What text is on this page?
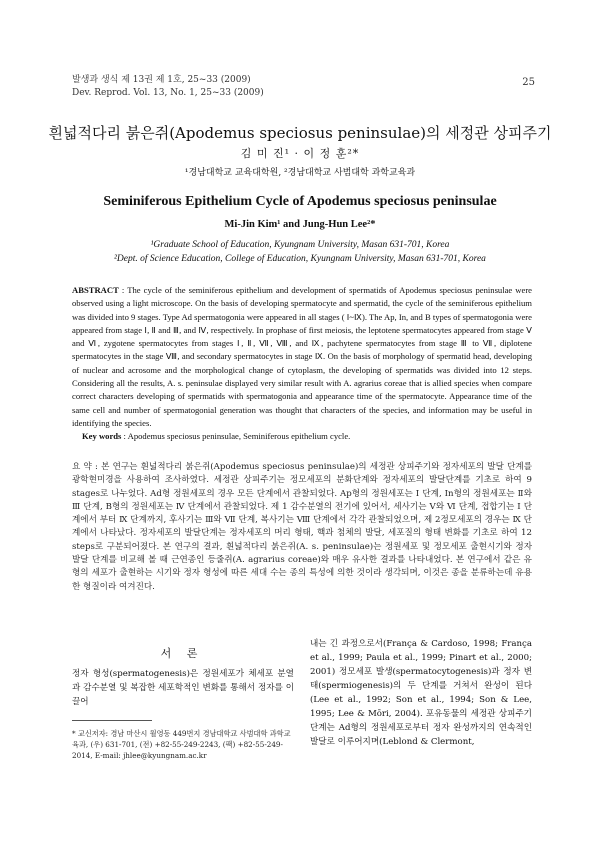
발생과 생식 제 13권 제 1호, 25~33 (2009)
Dev. Reprod. Vol. 13, No. 1, 25~33 (2009)
25
흰넓적다리 붉은쥐(Apodemus speciosus peninsulae)의 세정관 상피주기
김 미 진¹ · 이 정 훈²*
¹경남대학교 교육대학원, ²경남대학교 사범대학 과학교육과
Seminiferous Epithelium Cycle of Apodemus speciosus peninsulae
Mi-Jin Kim¹ and Jung-Hun Lee²*
¹Graduate School of Education, Kyungnam University, Masan 631-701, Korea
²Dept. of Science Education, College of Education, Kyungnam University, Masan 631-701, Korea
ABSTRACT : The cycle of the seminiferous epithelium and development of spermatids of Apodemus speciosus peninsulae were observed using a light microscope. On the basis of developing spermatocyte and spermatid, the cycle of the seminiferous epithelium was divided into 9 stages. Type Ad spermatogonia were appeared in all stages ( Ⅰ~Ⅸ). The Ap, In, and B types of spermatogonia were appeared from stage Ⅰ, Ⅱ and Ⅲ, and Ⅳ, respectively. In prophase of first meiosis, the leptotene spermatocytes appeared from stage Ⅴ and Ⅵ, zygotene spermatocytes from stages Ⅰ, Ⅱ, Ⅶ, Ⅷ, and Ⅸ, pachytene spermatocytes from stage Ⅲ to Ⅶ, diplotene spermatocytes in the stage Ⅷ, and secondary spermatocytes in stage Ⅸ. On the basis of morphology of spermatid head, developing of nuclear and acrosome and the morphological change of cytoplasm, the developing of spermatids was divided into 12 steps. Considering all the results, A. s. peninsulae displayed very similar result with A. agrarius coreae that is allied species when compare correct characters developing of spermatids with spermatogonia and appearance time of the spermatocyte. Appearance time of the same cell and number of spermatogonial generation was thought that characters of the species, and information may be useful in identifying the species.
Key words : Apodemus speciosus peninsulae, Seminiferous epithelium cycle.
요 약 : 본 연구는 흰넓적다리 붉은쥐(Apodemus speciosus peninsulae)의 세정관 상피주기와 정자세포의 발달 단계를 광학현미경을 사용하여 조사하였다. 세정관 상피주기는 정모세포의 분화단계와 정자세포의 발달단계를 기초로 하여 9 stages로 나누었다. Ad형 정원세포의 경우 모든 단계에서 관찰되었다. Ap형의 정원세포는 Ⅰ 단계, In형의 정원세포는 Ⅱ와 Ⅲ 단계, B형의 정원세포는 Ⅳ 단계에서 관찰되었다. 제 1 감수분열의 전기에 있어서, 세사기는 Ⅴ와 Ⅵ 단계, 접합기는 Ⅰ 단계에서 부터 Ⅸ 단계까지, 후사기는 Ⅲ와 Ⅶ 단계, 복사기는 Ⅷ 단계에서 각각 관찰되었으며, 제 2정모세포의 경우는 Ⅸ 단계에서 나타났다. 정자세포의 발달단계는 정자세포의 머리 형태, 핵과 첨체의 발달, 세포질의 형태 변화를 기초로 하여 12 steps로 구분되어졌다. 본 연구의 결과, 흰넓적다리 붉은쥐(A. s. peninsulae)는 정원세포 및 정모세포 출현시기와 정자 발달 단계를 비교해 볼 때 근연종인 등줄쥐(A. agrarius coreae)와 매우 유사한 결과를 나타내었다. 본 연구에서 같은 유형의 세포가 출현하는 시기와 정자 형성에 따른 세대 수는 종의 특성에 의한 것이라 생각되며, 이것은 종을 분류하는데 유용한 형질이라 여겨진다.
서 론
정자 형성(spermatogenesis)은 정원세포가 체세포 분열과 감수분열 및 복잡한 세포학적인 변화를 통해서 정자를 이끌어
* 교신저자: 경남 마산시 월영동 449번지 경남대학교 사범대학 과학교육과, (우) 631-701, (전) +82-55-249-2243, (팩) +82-55-249-2014, E-mail: jhlee@kyungnam.ac.kr
내는 긴 과정으로서(França & Cardoso, 1998; França et al., 1999; Paula et al., 1999; Pinart et al., 2000; 2001) 정모세포 발생(spermatocytogenesis)과 정자 변태(spermiogenesis)의 두 단계를 거쳐서 완성이 된다(Lee et al., 1992; Son et al., 1994; Son & Lee, 1995; Lee & Mōri, 2004). 포유동물의 세정관 상피주기 단계는 Ad형의 정원세포로부터 정자 완성까지의 연속적인 발달로 이루어지며(Leblond & Clermont,
